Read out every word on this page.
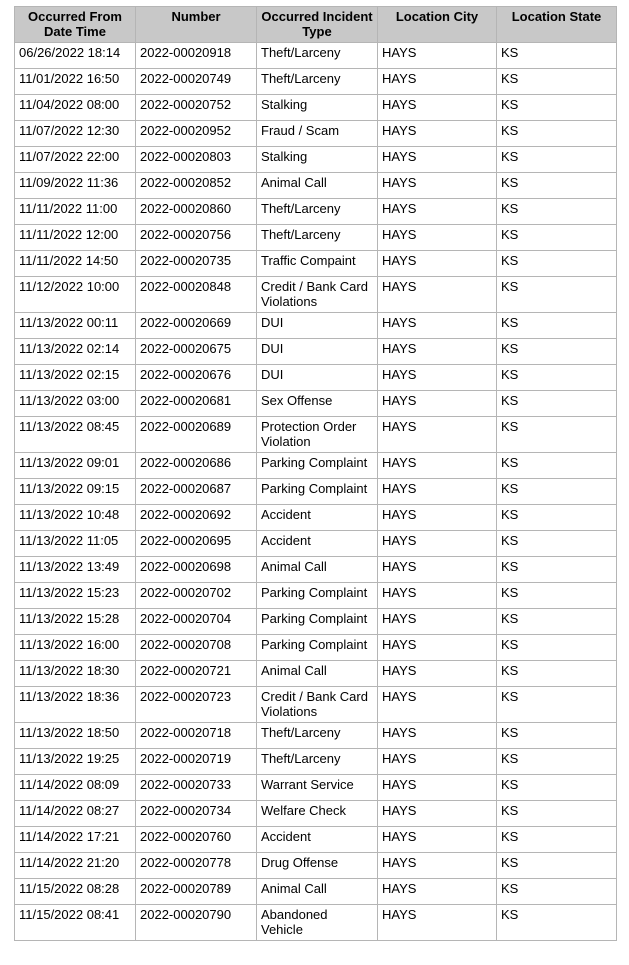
Occurred From Date Time	Number	Occurred Incident Type	Location City	Location State
06/26/2022 18:14	2022-00020918	Theft/Larceny	HAYS	KS
11/01/2022 16:50	2022-00020749	Theft/Larceny	HAYS	KS
11/04/2022 08:00	2022-00020752	Stalking	HAYS	KS
11/07/2022 12:30	2022-00020952	Fraud / Scam	HAYS	KS
11/07/2022 22:00	2022-00020803	Stalking	HAYS	KS
11/09/2022 11:36	2022-00020852	Animal Call	HAYS	KS
11/11/2022 11:00	2022-00020860	Theft/Larceny	HAYS	KS
11/11/2022 12:00	2022-00020756	Theft/Larceny	HAYS	KS
11/11/2022 14:50	2022-00020735	Traffic Compaint	HAYS	KS
11/12/2022 10:00	2022-00020848	Credit / Bank Card Violations	HAYS	KS
11/13/2022 00:11	2022-00020669	DUI	HAYS	KS
11/13/2022 02:14	2022-00020675	DUI	HAYS	KS
11/13/2022 02:15	2022-00020676	DUI	HAYS	KS
11/13/2022 03:00	2022-00020681	Sex Offense	HAYS	KS
11/13/2022 08:45	2022-00020689	Protection Order Violation	HAYS	KS
11/13/2022 09:01	2022-00020686	Parking Complaint	HAYS	KS
11/13/2022 09:15	2022-00020687	Parking Complaint	HAYS	KS
11/13/2022 10:48	2022-00020692	Accident	HAYS	KS
11/13/2022 11:05	2022-00020695	Accident	HAYS	KS
11/13/2022 13:49	2022-00020698	Animal Call	HAYS	KS
11/13/2022 15:23	2022-00020702	Parking Complaint	HAYS	KS
11/13/2022 15:28	2022-00020704	Parking Complaint	HAYS	KS
11/13/2022 16:00	2022-00020708	Parking Complaint	HAYS	KS
11/13/2022 18:30	2022-00020721	Animal Call	HAYS	KS
11/13/2022 18:36	2022-00020723	Credit / Bank Card Violations	HAYS	KS
11/13/2022 18:50	2022-00020718	Theft/Larceny	HAYS	KS
11/13/2022 19:25	2022-00020719	Theft/Larceny	HAYS	KS
11/14/2022 08:09	2022-00020733	Warrant Service	HAYS	KS
11/14/2022 08:27	2022-00020734	Welfare Check	HAYS	KS
11/14/2022 17:21	2022-00020760	Accident	HAYS	KS
11/14/2022 21:20	2022-00020778	Drug Offense	HAYS	KS
11/15/2022 08:28	2022-00020789	Animal Call	HAYS	KS
11/15/2022 08:41	2022-00020790	Abandoned Vehicle	HAYS	KS
